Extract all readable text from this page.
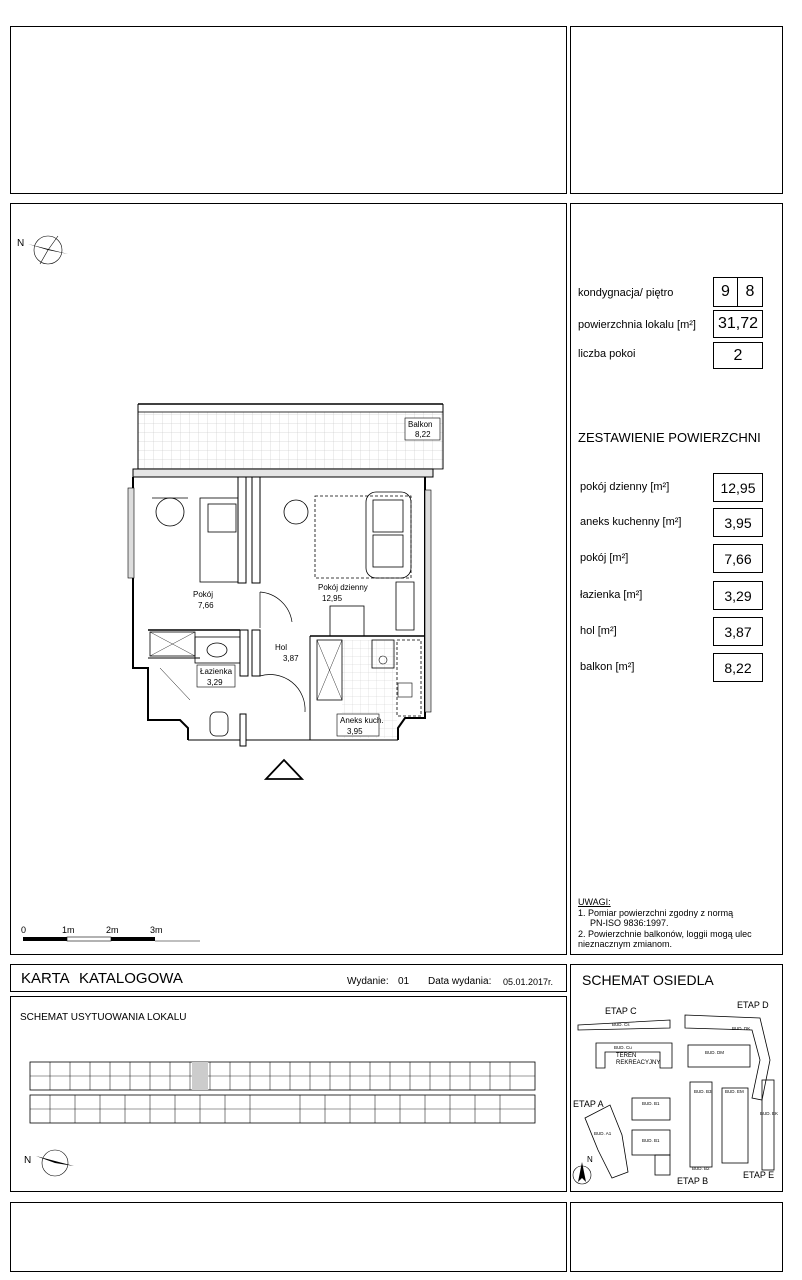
kondygnacja/ piętro	9 8
powierzchnia lokalu [m²]	31,72
liczba pokoi	2
ZESTAWIENIE POWIERZCHNI
pokój dzienny [m²]	12,95
aneks kuchenny [m²]	3,95
pokój [m²]	7,66
łazienka [m²]	3,29
hol [m²]	3,87
balkon [m²]	8,22
UWAGI:
1. Pomiar powierzchni zgodny z normą
PN-ISO 9836:1997.
2. Powierzchnie balkonów, loggii mogą ulec
nieznacznym zmianom.
N
Balkon
8,22
Pokój
7,66
Pokój dzienny
12,95
Łazienka
3,29
Hol
3,87
Aneks kuch.
3,95
0	1m	2m	3m
KARTA KATALOGOWA	Wydanie: 01 Data wydania: 05.01.2017r.
SCHEMAT USYTUOWANIA LOKALU
N
SCHEMAT OSIEDLA
ETAP C
ETAP D
ETAP A
ETAP B
ETAP E
TEREN
REKREACYJNY
BUD. Cs
BUD. Cu
BUD. DK
BUD. DM
BUD. B3	BUD. EM
BUD. B1
BUD. B1
BUD. B2
BUD. EK
BUD. A1
N
